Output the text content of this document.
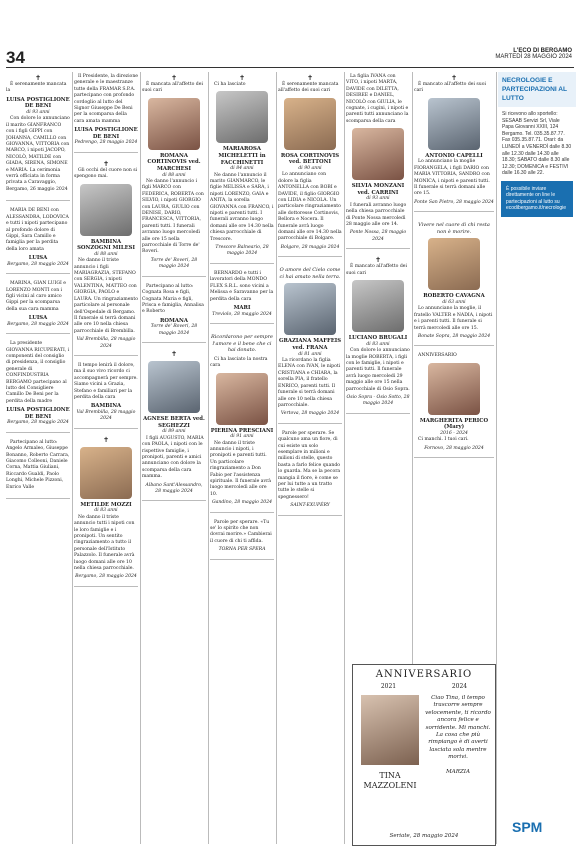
34	L'ECO DI BERGAMO
MARTEDÌ 28 MAGGIO 2024
✝

È serenamente mancata la

LUISA POSTIGLIONE DE BENI
di 93 anni

Con dolore lo annunciano il marito GIANFRANCO con i figli GIPPI con JOHANNA, CAMILLO con GIOVANNA, VITTORIA con MARCO, i nipoti JACOPO, NICOLÒ, MATILDE con GIADA, SIRENA, SIMONE e MARIA. La cerimonia verrà officiata in forma privata a Caravaggio, Bergamo, 26 maggio 2024

MARIA DE BENI con ALESSANDRA, LODOVICA e tutti i nipoti partecipano al profondo dolore di Gippi, Sara Camillo e famiglia per la perdita della loro amata

LUISA
Bergamo, 28 maggio 2024

MARINA, GIAN LUIGI e LORENZO MONTI con i figli vicini al caro amico Gippi per la scomparsa della sua cara mamma

LUISA
Bergamo, 28 maggio 2024

La presidente GIOVANNA RICUPERATI, i componenti del consiglio di presidenza, il consiglio generale di CONFINDUSTRIA BERGAMO partecipano al lutto del Consigliere Camillo De Beni per la perdita della madre

LUISA POSTIGLIONE DE BENI
Bergamo, 28 maggio 2024

Partecipano al lutto: Angelo Armaleo, Giuseppe Bonanno, Roberto Carrara, Giacomo Colleoni, Daniele Corna, Mattia Giuliani, Riccardo Gualdi, Paolo Longhi, Michele Pizzoni, Enrico Valle

Il Presidente, la direzione generale e le maestranze tutte della FRAMAR S.P.A. partecipano con profondo cordoglio al lutto del Signor Giuseppe De Beni per la scomparsa della cara amata mamma

LUISA POSTIGLIONE DE BENI
Pedrengo, 28 maggio 2024
✝

Gli occhi del cuore non si spengono mai.

BAMBINA SONZOGNI MILESI
di 88 anni

Ne danno il triste annuncio i figli MARIAGRAZIA, STEFANO con SERGIA, i nipoti VALENTINA, MATTEO con GIORGIA, PAOLO e LAURA. Un ringraziamento particolare al personale dell'Ospedale di Bergamo. Il funerale si terrà domani alle ore 10 nella chiesa parrocchiale di Brembilla.

Val Brembilla, 28 maggio 2024

Il tempo lenirà il dolore, ma il suo vivo ricordo ci accompagnerà per sempre. Siamo vicini a Grazia, Stefano e familiari per la perdita della cara

BAMBINA
Val Brembilla, 28 maggio 2024
✝
METILDE MOZZI
di 83 anni

Ne danno il triste annuncio tutti i nipoti con le loro famiglie e i pronipoti. Un sentito ringraziamento a tutto il personale dell'Istituto Palazzolo. Il funerale avrà luogo domani alle ore 10 nella chiesa parrocchiale.

Bergamo, 28 maggio 2024
✝

È mancata all'affetto dei suoi cari

ROMANA CORTINOVIS ved. MARCHESI
di 88 anni

Ne danno l'annuncio i figli MARCO con FEDERICA, ROBERTA con SILVIO, i nipoti GIORGIO con LAURA, GIULIO con DENISE, DARIO, FRANCESCA, VITTORIA, parenti tutti. I funerali avranno luogo mercoledì alle ore 15 nella parrocchiale di Torre de' Roveri.

Torre de' Roveri, 28 maggio 2024

Partecipano al lutto: Cognata Rosa e figli, Cognata Maria e figli, Prisca e famiglia, Annalisa e Roberto

ROMANA
Torre de' Roveri, 28 maggio 2024
✝
AGNESE BERTA ved. SEGHEZZI
di 89 anni

I figli AUGUSTO, MARIA con PAOLA, i nipoti con le rispettive famiglie, i pronipoti, parenti e amici annunciano con dolore la scomparsa della cara mamma.

Albano Sant'Alessandro, 28 maggio 2024
✝

Ci ha lasciato

MARIAROSA MICHELETTI in FACCHINETTI
di 84 anni

Ne danno l'annuncio il marito GIANMARCO, le figlie MELISSA e SARA, i nipoti LORENZO, GAIA e ANITA, la sorella GIOVANNA con FRANCO, i nipoti e parenti tutti. I funerali avranno luogo domani alle ore 14.30 nella chiesa parrocchiale di Trescore.

Trescore Balneario, 28 maggio 2024

BERNARDO e tutti i lavoratori della MONDO FLEX S.R.L. sono vicini a Melissa e Saravanno per la perdita della cara

MARI
Treviolo, 28 maggio 2024
Ricordarono per sempre l'amore e il bene che ci hai donato.

Ci ha lasciato la nostra cara

PIERINA PRESCIANI
di 91 anni

Ne danno il triste annuncio i nipoti, i pronipoti e parenti tutti. Un particolare ringraziamento a Don Fabio per l'assistenza spirituale. Il funerale avrà luogo mercoledì alle ore 10.

Gandino, 28 maggio 2024

Parole per sperare. «Tu se' lo spirito che non dovrai morire.» Cambierai il cuore di chi ti affida.

TORNA PER SPERA
✝

È serenamente mancata all'affetto dei suoi cari

ROSA CORTINOVIS ved. BETTONI
di 90 anni

Lo annunciano con dolore la figlia ANTONELLA con BOBI e DAVIDE, il figlio GIORGIO con LIDIA e NICOLA. Un particolare ringraziamento alle dottoresse Cortinovis, Bellora e Nocera. Il funerale avrà luogo domani alle ore 14.30 nella parrocchiale di Bolgare.

Bolgare, 28 maggio 2024
O amore del Cielo come ci hai amato nella terra.
GRAZIANA MAFFEIS ved. FRANA
di 81 anni

La ricordano la figlia ELENA con IVAN, le nipoti CRISTIANA e CHIARA, la sorella PIA, il fratello ENRICO, parenti tutti. Il funerale si terrà domani alle ore 10 nella chiesa parrocchiale.

Vertova, 28 maggio 2024

Parole per sperare. Se qualcuno ama un fiore, di cui esiste un solo esemplare in milioni e milioni di stelle, questo basta a farlo felice quando lo guarda. Ma se la pecora mangia il fiore, è come se per lui tutte a un tratto tutte le stelle si spegnessero!

SAINT-EXUPÉRY

La figlia IVANA con VITO, i nipoti MARTA, DAVIDE con DILETTA, DESIREE e DANIEL, NICOLÒ con GIULIA, le cognate, i cugini, i nipoti e parenti tutti annunciano la scomparsa della cara

SILVIA MONZANI ved. CARRINI
di 93 anni

I funerali avranno luogo nella chiesa parrocchiale di Ponte Nossa mercoledì 28 maggio alle ore 14.

Ponte Nossa, 28 maggio 2024
✝

È mancato all'affetto dei suoi cari

LUCIANO BRUGALI
di 83 anni

Con dolore lo annunciano la moglie ROBERTA, i figli con le famiglie, i nipoti e parenti tutti. Il funerale avrà luogo mercoledì 29 maggio alle ore 15 nella parrocchiale di Osio Sopra.

Osio Sopra - Osio Sotto, 28 maggio 2024
✝

È mancato all'affetto dei suoi cari

ANTONIO CAPELLI

Lo annunciano la moglie FIORANGELA, i figli DARIO con MARIA VITTORIA, SANDRO con MONICA, i nipoti e parenti tutti. Il funerale si terrà domani alle ore 15.

Ponte San Pietro, 28 maggio 2024
Vivere nel cuore di chi resta non è morire.
ROBERTO CAVAGNA
di 63 anni

Lo annunciano la moglie, il fratello VALTER e NADIA, i nipoti e i parenti tutti. Il funerale si terrà mercoledì alle ore 15.

Bonate Sopra, 28 maggio 2024

ANNIVERSARIO

MARGHERITA PERICO (Mary)
2016 - 2024

Ci manchi. I tuoi cari.

Fornovo, 28 maggio 2024
ANNIVERSARIO
2021	2024
Ciao Tina, il tempo trascorre sempre velocemente, ti ricordo ancora felice e sorridente. Mi manchi. La cosa che più rimpiango è di averti lasciata sola mentre morivi.

MARZIA
TINA MAZZOLENI
Seriate, 28 maggio 2024
NECROLOGIE E PARTECIPAZIONI AL LUTTO
Si ricevono allo sportello: SESAAB Servizi Srl, Viale Papa Giovanni XXIII, 124 Bergamo. Tel. 035.35.87.77. Fax 035.35.87.71. Orari: da LUNEDÌ a VENERDÌ dalle 8.30 alle 12.30 dalle 14.30 alle 18.30; SABATO dalle 8.30 alle 12.30; DOMENICA e FESTIVI dalle 16.30 alle 22.
È possibile inviare direttamente on line le partecipazioni al lutto su ecodibergamo.it/necrologie
SPM
